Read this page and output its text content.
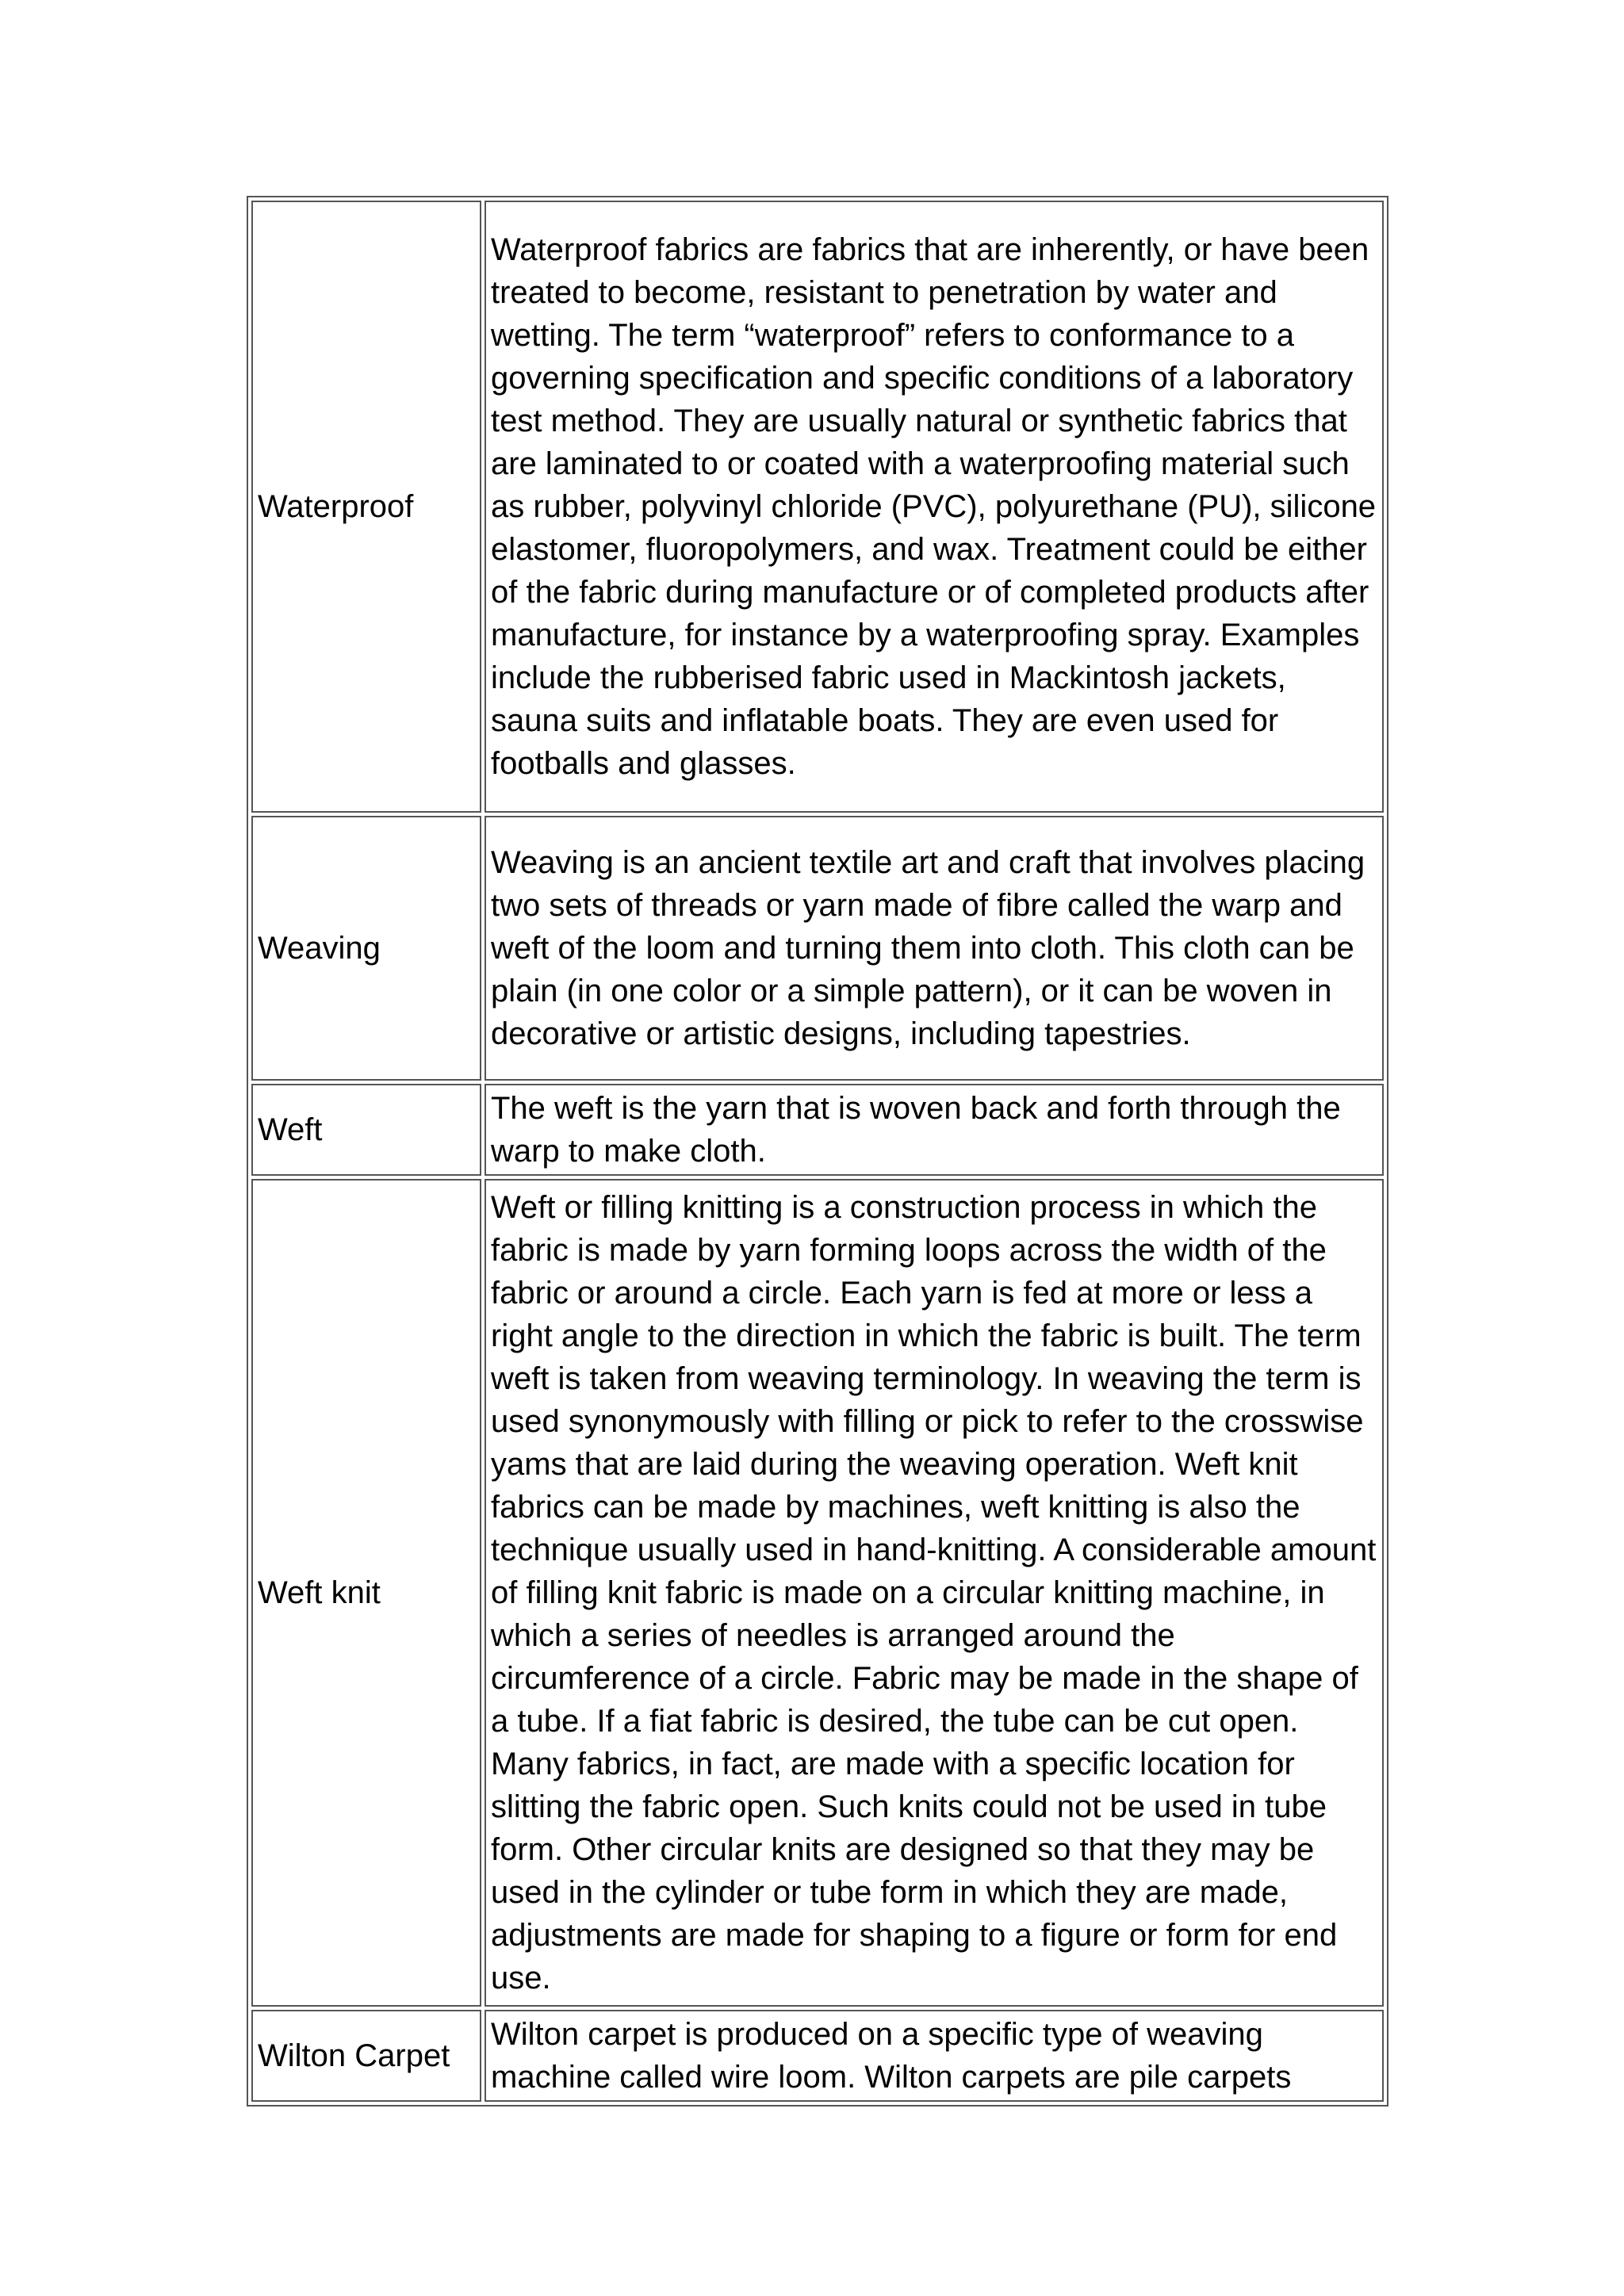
Waterproof	Waterproof fabrics are fabrics that are inherently, or have been treated to become, resistant to penetration by water and wetting. The term “waterproof” refers to conformance to a governing specification and specific conditions of a laboratory test method. They are usually natural or synthetic fabrics that are laminated to or coated with a waterproofing material such as rubber, polyvinyl chloride (PVC), polyurethane (PU), silicone elastomer, fluoropolymers, and wax. Treatment could be either of the fabric during manufacture or of completed products after manufacture, for instance by a waterproofing spray. Examples include the rubberised fabric used in Mackintosh jackets, sauna suits and inflatable boats. They are even used for footballs and glasses.
Weaving	Weaving is an ancient textile art and craft that involves placing two sets of threads or yarn made of fibre called the warp and weft of the loom and turning them into cloth. This cloth can be plain (in one color or a simple pattern), or it can be woven in decorative or artistic designs, including tapestries.
Weft	The weft is the yarn that is woven back and forth through the warp to make cloth.
Weft knit	Weft or filling knitting is a construction process in which the fabric is made by yarn forming loops across the width of the fabric or around a circle. Each yarn is fed at more or less a right angle to the direction in which the fabric is built. The term weft is taken from weaving terminology. In weaving the term is used synonymously with filling or pick to refer to the crosswise yams that are laid during the weaving operation. Weft knit fabrics can be made by machines, weft knitting is also the technique usually used in hand-knitting. A considerable amount of filling knit fabric is made on a circular knitting machine, in which a series of needles is arranged around the circumference of a circle. Fabric may be made in the shape of a tube. If a fiat fabric is desired, the tube can be cut open. Many fabrics, in fact, are made with a specific location for slitting the fabric open. Such knits could not be used in tube form. Other circular knits are designed so that they may be used in the cylinder or tube form in which they are made, adjustments are made for shaping to a figure or form for end use.
Wilton Carpet	Wilton carpet is produced on a specific type of weaving machine called wire loom. Wilton carpets are pile carpets
